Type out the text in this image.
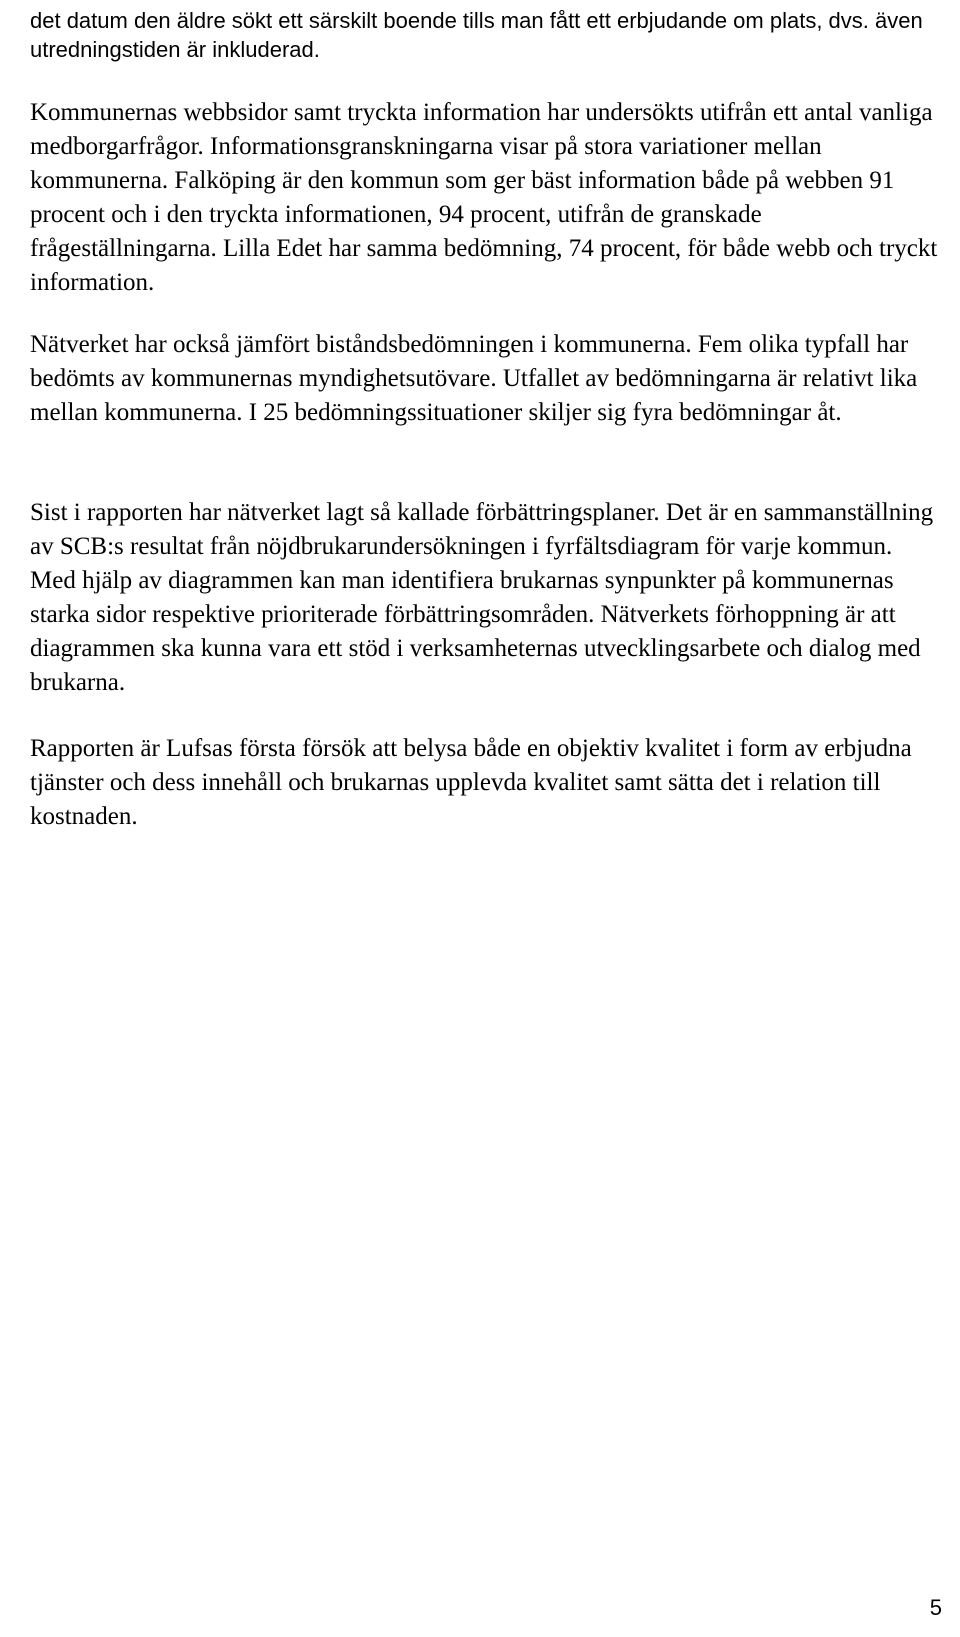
det datum den äldre sökt ett särskilt boende tills man fått ett erbjudande om plats, dvs. även utredningstiden är inkluderad.

Kommunernas webbsidor samt tryckta information har undersökts utifrån ett antal vanliga medborgarfrågor. Informationsgranskningarna visar på stora variationer mellan kommunerna. Falköping är den kommun som ger bäst information både på webben 91 procent och i den tryckta informationen, 94 procent, utifrån de granskade frågeställningarna. Lilla Edet har samma bedömning, 74 procent, för både webb och tryckt information.

Nätverket har också jämfört biståndsbedömningen i kommunerna. Fem olika typfall har bedömts av kommunernas myndighetsutövare. Utfallet av bedömningarna är relativt lika mellan kommunerna. I 25 bedömningssituationer skiljer sig fyra bedömningar åt.

Sist i rapporten har nätverket lagt så kallade förbättringsplaner. Det är en sammanställning av SCB:s resultat från nöjdbrukarundersökningen i fyrfältsdiagram för varje kommun. Med hjälp av diagrammen kan man identifiera brukarnas synpunkter på kommunernas starka sidor respektive prioriterade förbättringsområden. Nätverkets förhoppning är att diagrammen ska kunna vara ett stöd i verksamheternas utvecklingsarbete och dialog med brukarna.

Rapporten är Lufsas första försök att belysa både en objektiv kvalitet i form av erbjudna tjänster och dess innehåll och brukarnas upplevda kvalitet samt sätta det i relation till kostnaden.

5
